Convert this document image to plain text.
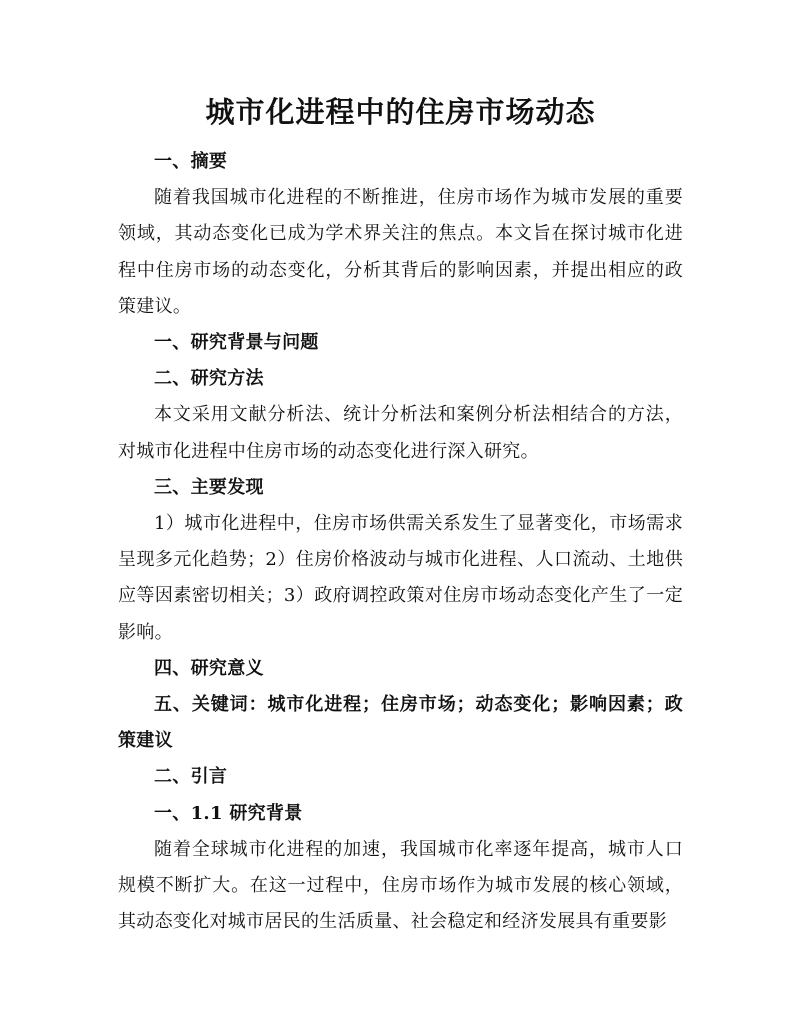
城市化进程中的住房市场动态

一、摘要

随着我国城市化进程的不断推进，住房市场作为城市发展的重要领域，其动态变化已成为学术界关注的焦点。本文旨在探讨城市化进程中住房市场的动态变化，分析其背后的影响因素，并提出相应的政策建议。

一、研究背景与问题

二、研究方法

本文采用文献分析法、统计分析法和案例分析法相结合的方法，对城市化进程中住房市场的动态变化进行深入研究。

三、主要发现

1）城市化进程中，住房市场供需关系发生了显著变化，市场需求呈现多元化趋势；2）住房价格波动与城市化进程、人口流动、土地供应等因素密切相关；3）政府调控政策对住房市场动态变化产生了一定影响。

四、研究意义

五、关键词：城市化进程；住房市场；动态变化；影响因素；政策建议

二、引言

一、1.1 研究背景

随着全球城市化进程的加速，我国城市化率逐年提高，城市人口规模不断扩大。在这一过程中，住房市场作为城市发展的核心领域，其动态变化对城市居民的生活质量、社会稳定和经济发展具有重要影
